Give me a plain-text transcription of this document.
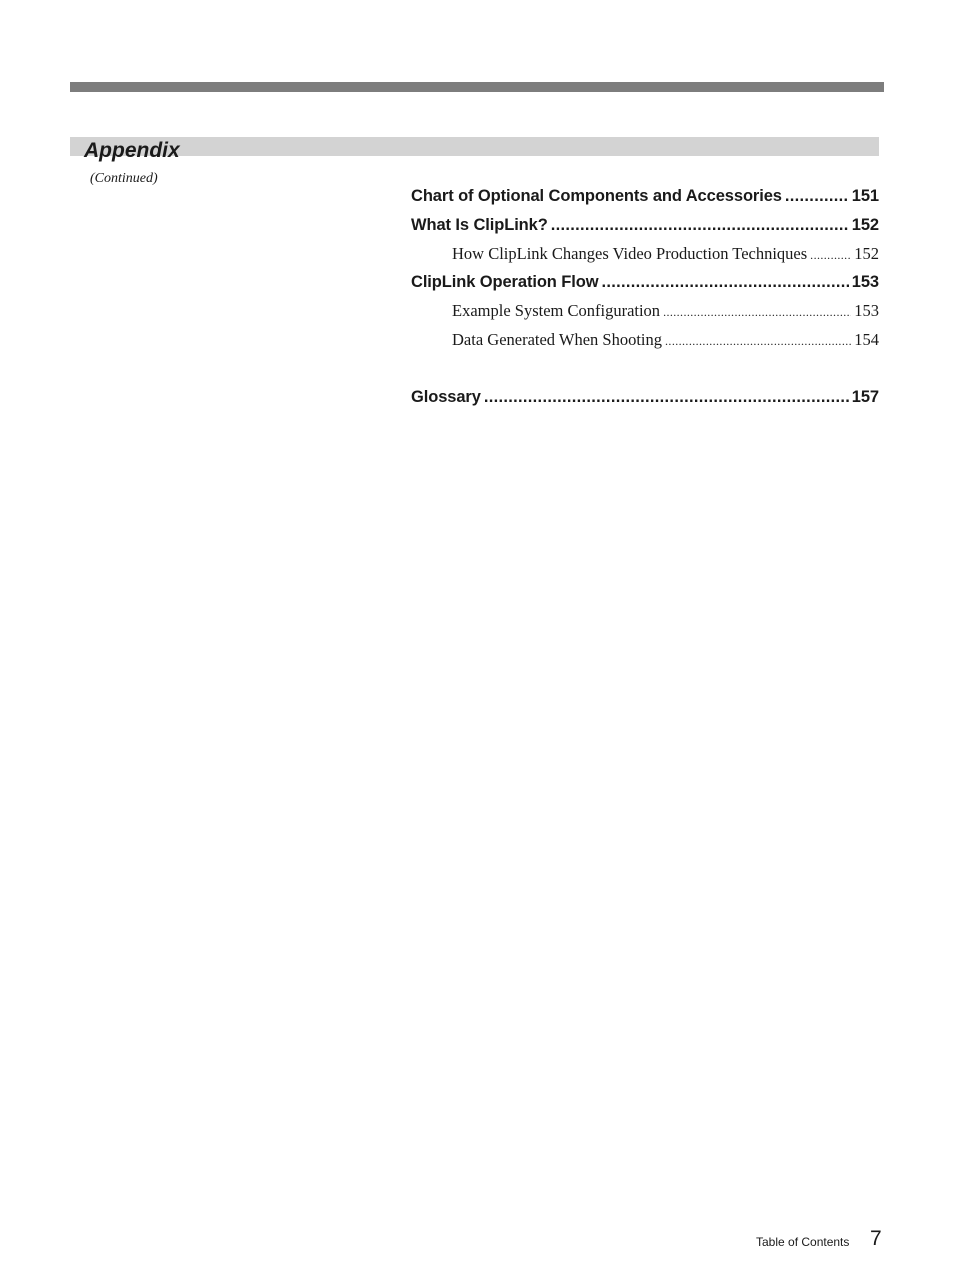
Appendix
(Continued)
Chart of Optional Components and Accessories .....	151
What Is ClipLink? .....	152
How ClipLink Changes Video Production Techniques .....	152
ClipLink Operation Flow .....	153
Example System Configuration .....	153
Data Generated When Shooting .....	154
Glossary .....	157
Table of Contents 7
